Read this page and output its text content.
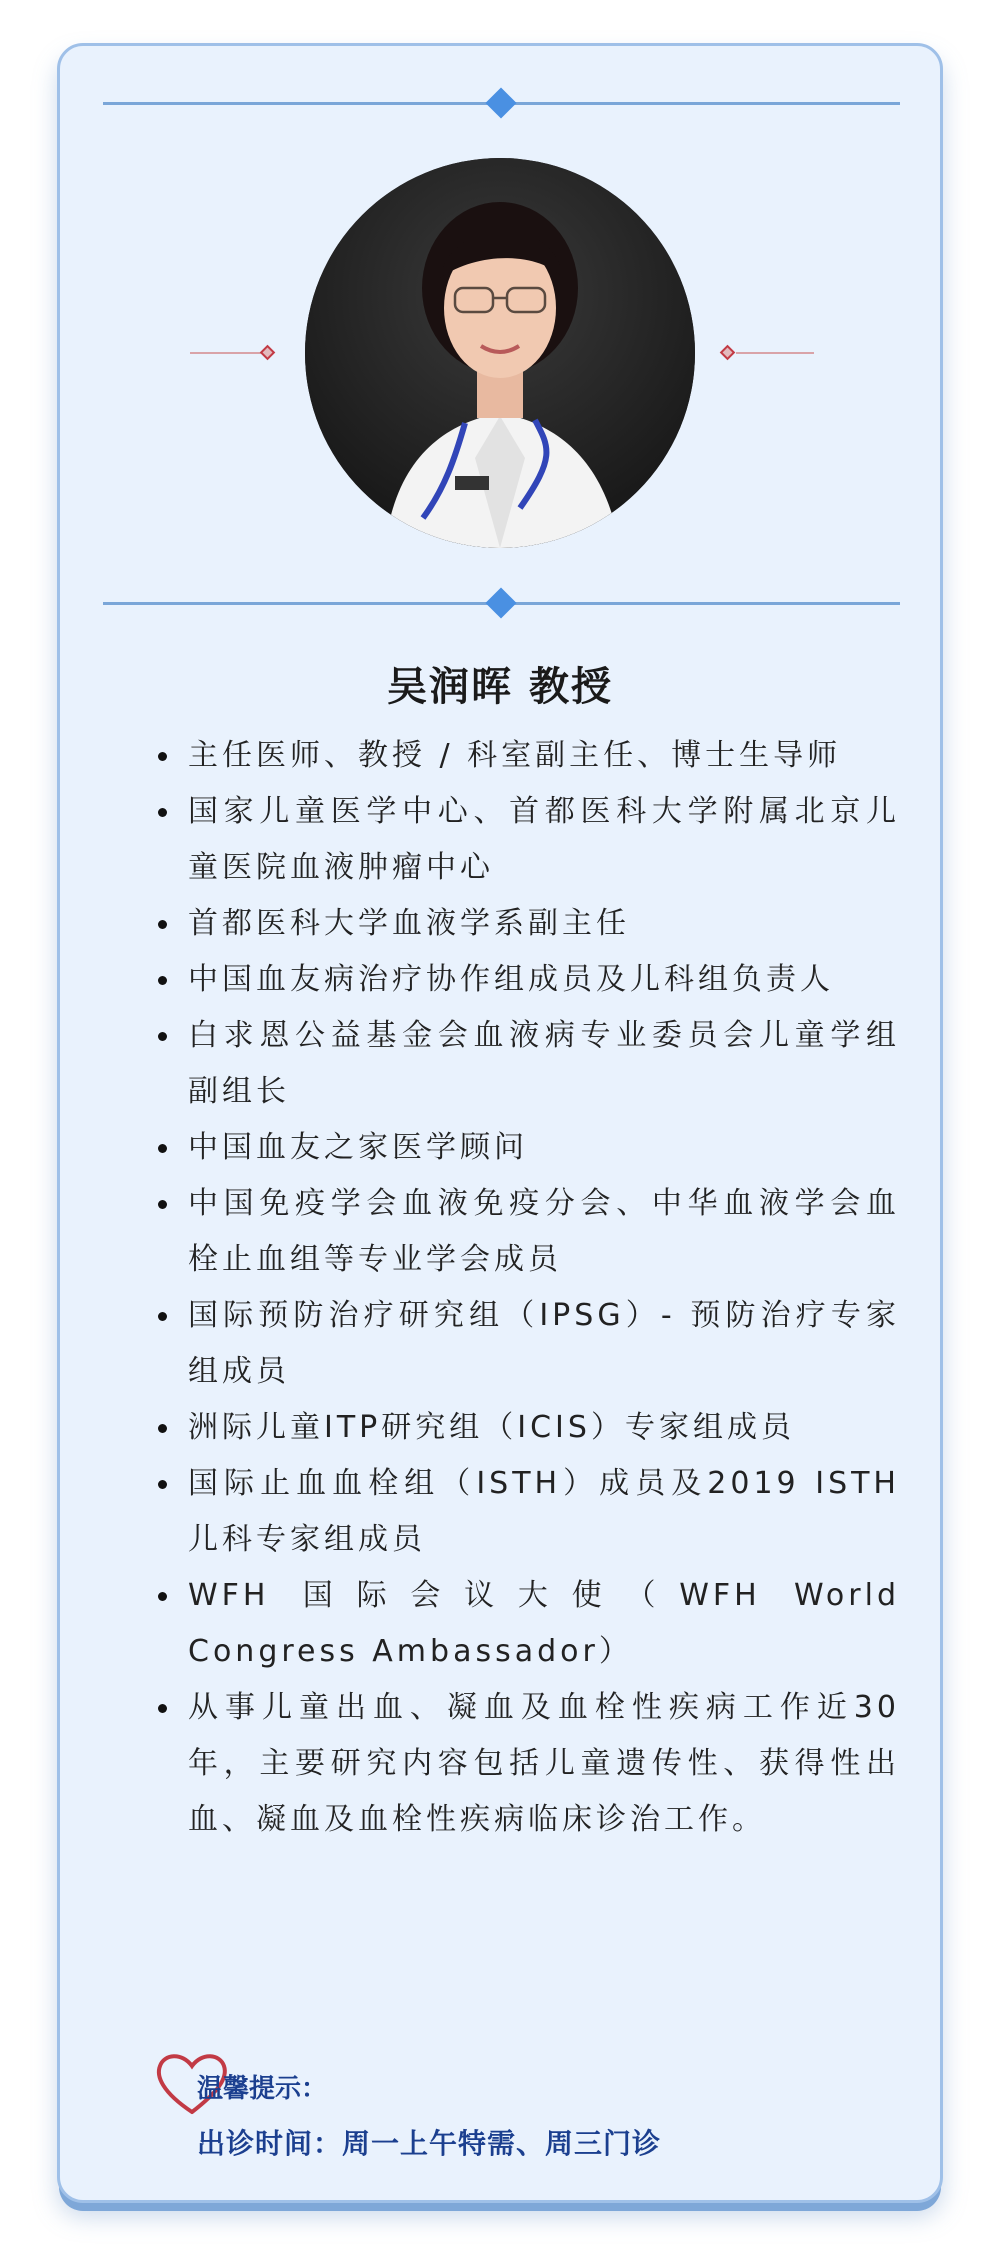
吴润晖 教授
主任医师、教授 / 科室副主任、博士生导师
国家儿童医学中心、首都医科大学附属北京儿童医院血液肿瘤中心
首都医科大学血液学系副主任
中国血友病治疗协作组成员及儿科组负责人
白求恩公益基金会血液病专业委员会儿童学组副组长
中国血友之家医学顾问
中国免疫学会血液免疫分会、中华血液学会血栓止血组等专业学会成员
国际预防治疗研究组（IPSG）- 预防治疗专家组成员
洲际儿童ITP研究组（ICIS）专家组成员
国际止血血栓组（ISTH）成员及2019 ISTH儿科专家组成员
WFH 国际会议大使（WFH World Congress Ambassador）
从事儿童出血、凝血及血栓性疾病工作近30年，主要研究内容包括儿童遗传性、获得性出血、凝血及血栓性疾病临床诊治工作。
温馨提示：
出诊时间：周一上午特需、周三门诊
